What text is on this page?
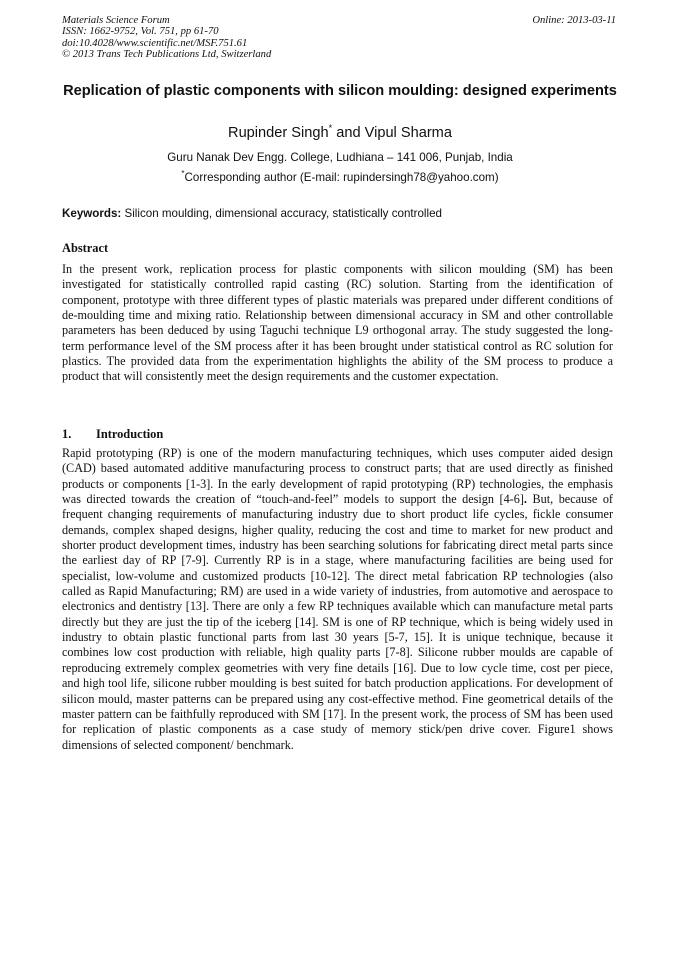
Materials Science Forum
ISSN: 1662-9752, Vol. 751, pp 61-70
doi:10.4028/www.scientific.net/MSF.751.61
© 2013 Trans Tech Publications Ltd, Switzerland
Online: 2013-03-11
Replication of plastic components with silicon moulding: designed experiments
Rupinder Singh* and Vipul Sharma
Guru Nanak Dev Engg. College, Ludhiana – 141 006, Punjab, India
*Corresponding author (E-mail: rupindersingh78@yahoo.com)
Keywords: Silicon moulding, dimensional accuracy, statistically controlled
Abstract
In the present work, replication process for plastic components with silicon moulding (SM) has been investigated for statistically controlled rapid casting (RC) solution. Starting from the identification of component, prototype with three different types of plastic materials was prepared under different conditions of de-moulding time and mixing ratio. Relationship between dimensional accuracy in SM and other controllable parameters has been deduced by using Taguchi technique L9 orthogonal array. The study suggested the long-term performance level of the SM process after it has been brought under statistical control as RC solution for plastics. The provided data from the experimentation highlights the ability of the SM process to produce a product that will consistently meet the design requirements and the customer expectation.
1. Introduction
Rapid prototyping (RP) is one of the modern manufacturing techniques, which uses computer aided design (CAD) based automated additive manufacturing process to construct parts; that are used directly as finished products or components [1-3]. In the early development of rapid prototyping (RP) technologies, the emphasis was directed towards the creation of “touch-and-feel” models to support the design [4-6]. But, because of frequent changing requirements of manufacturing industry due to short product life cycles, fickle consumer demands, complex shaped designs, higher quality, reducing the cost and time to market for new product and shorter product development times, industry has been searching solutions for fabricating direct metal parts since the earliest day of RP [7-9]. Currently RP is in a stage, where manufacturing facilities are being used for specialist, low-volume and customized products [10-12]. The direct metal fabrication RP technologies (also called as Rapid Manufacturing; RM) are used in a wide variety of industries, from automotive and aerospace to electronics and dentistry [13]. There are only a few RP techniques available which can manufacture metal parts directly but they are just the tip of the iceberg [14]. SM is one of RP technique, which is being widely used in industry to obtain plastic functional parts from last 30 years [5-7, 15]. It is unique technique, because it combines low cost production with reliable, high quality parts [7-8]. Silicone rubber moulds are capable of reproducing extremely complex geometries with very fine details [16]. Due to low cycle time, cost per piece, and high tool life, silicone rubber moulding is best suited for batch production applications. For development of silicon mould, master patterns can be prepared using any cost-effective method. Fine geometrical details of the master pattern can be faithfully reproduced with SM [17]. In the present work, the process of SM has been used for replication of plastic components as a case study of memory stick/pen drive cover. Figure1 shows dimensions of selected component/ benchmark.
